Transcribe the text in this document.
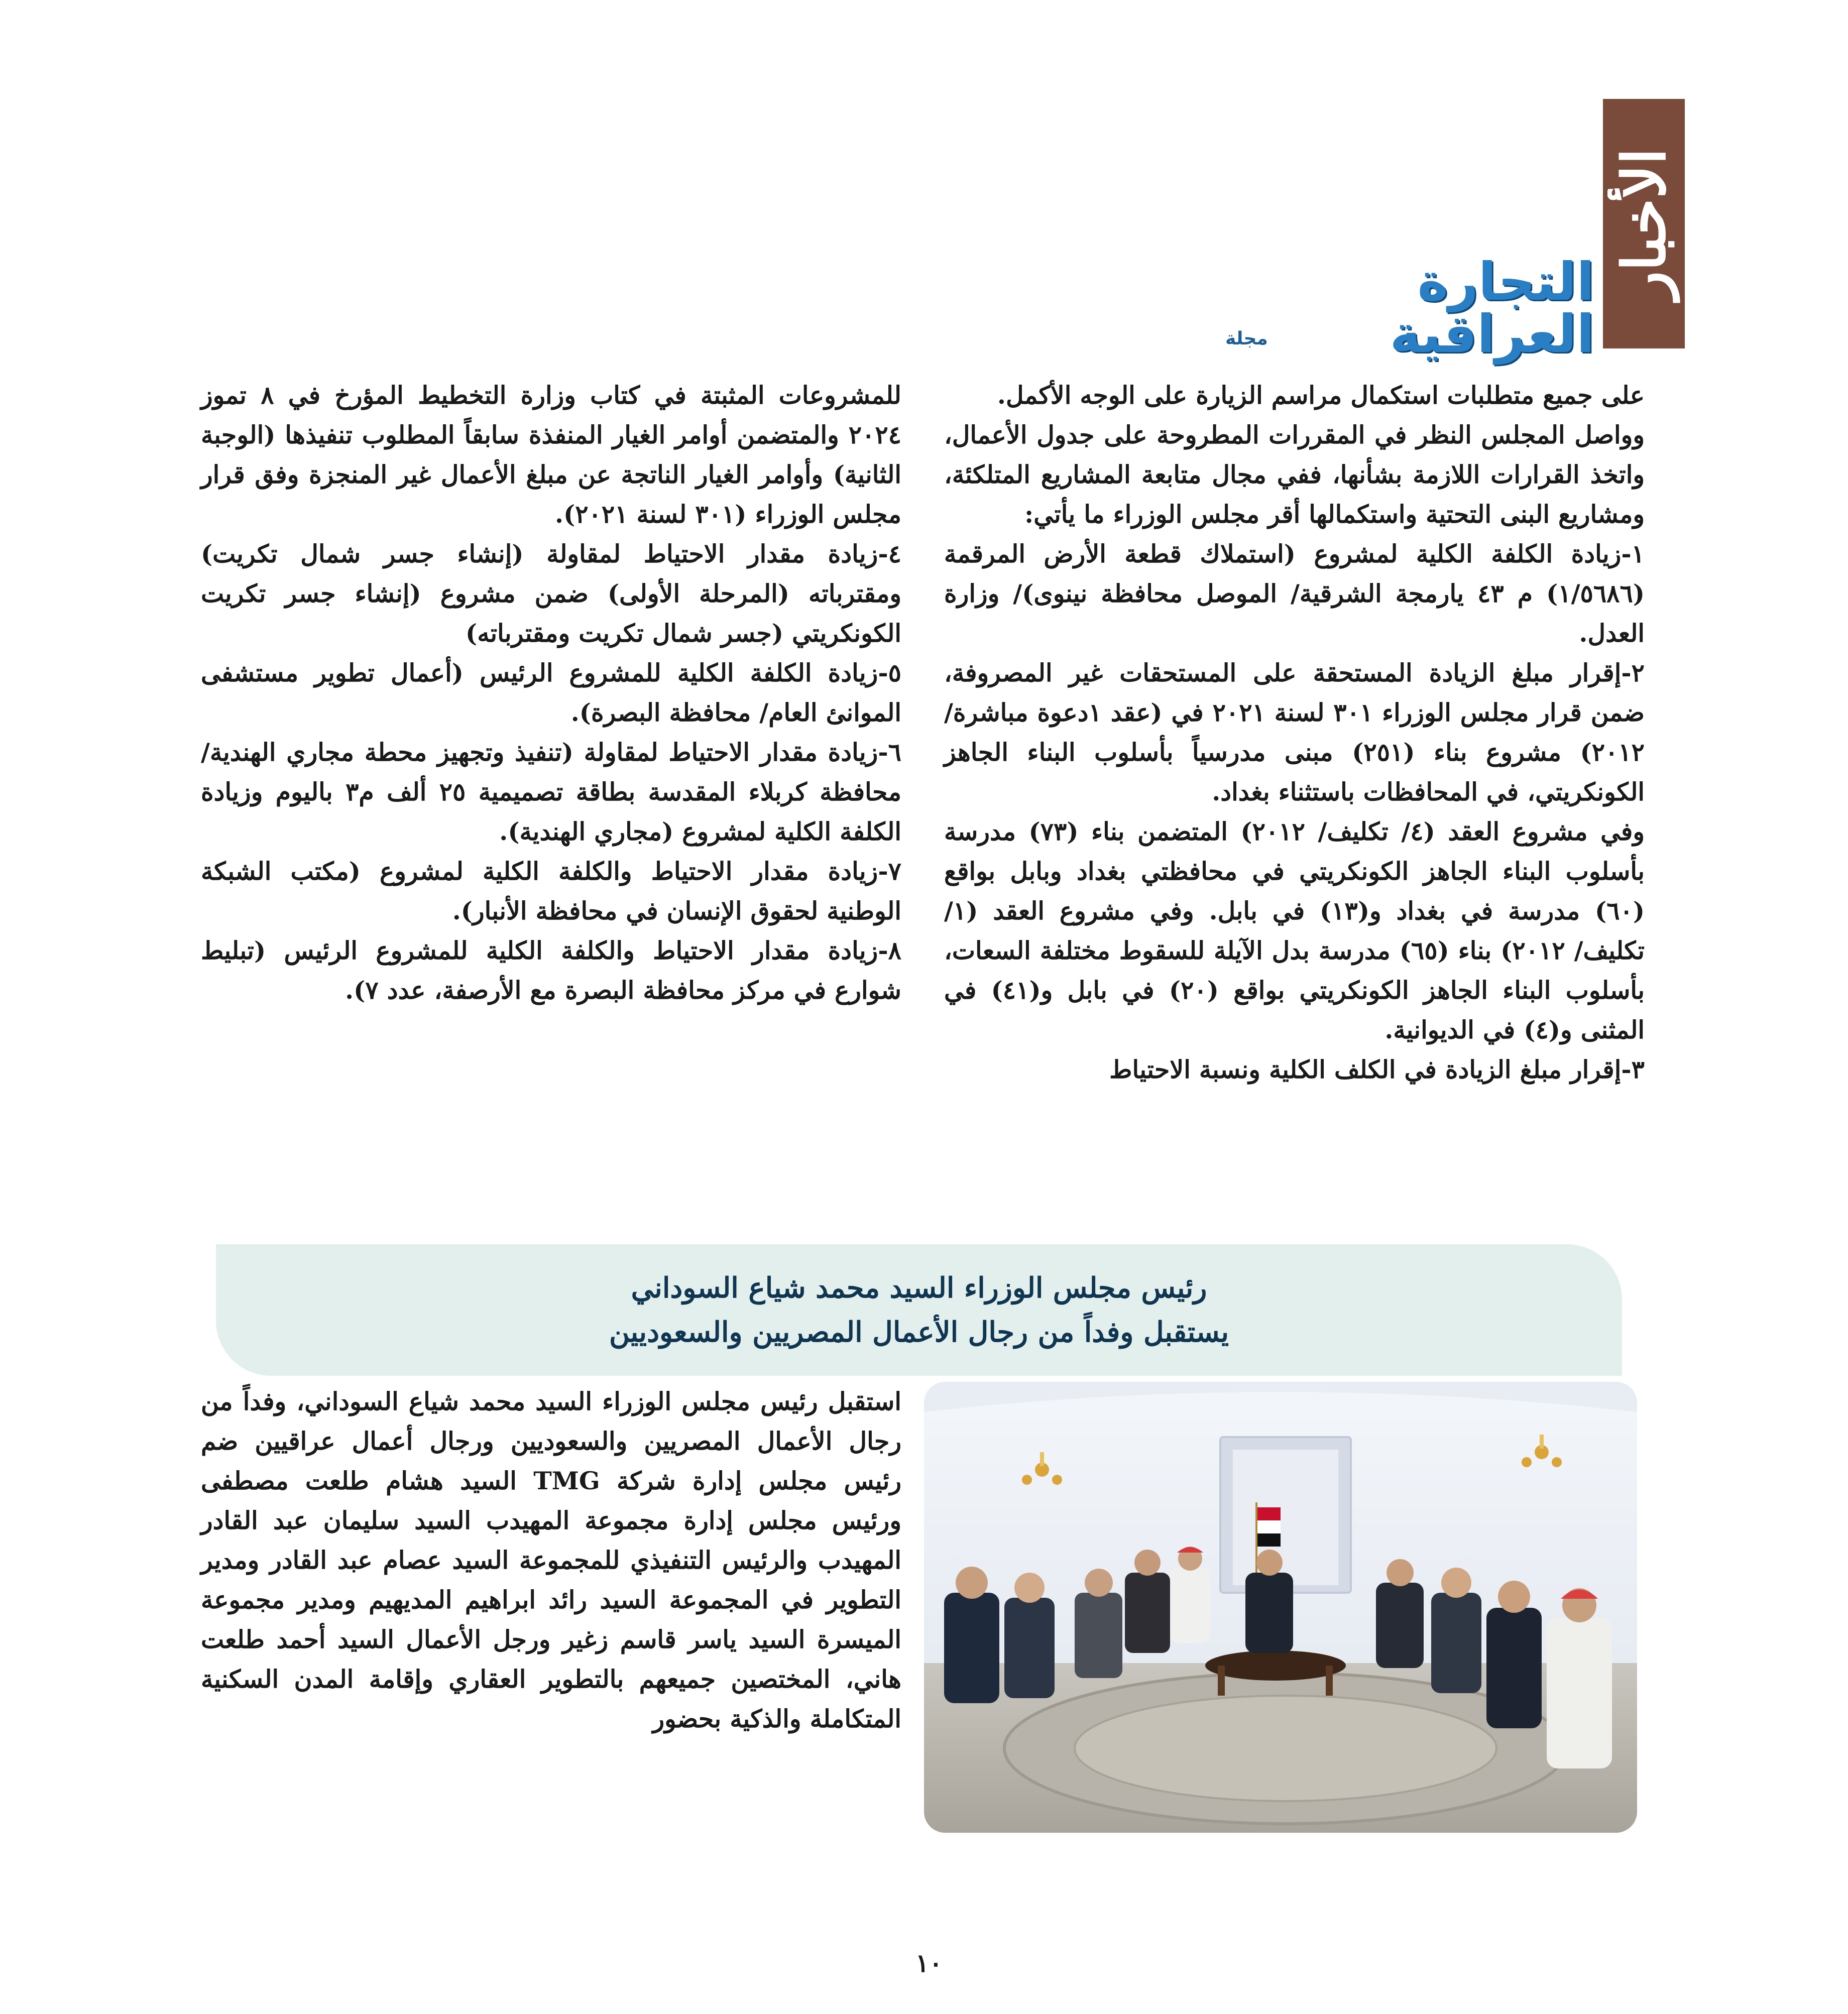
الأخبار
التجارة العراقية
مجلة

على جميع متطلبات استكمال مراسم الزيارة على الوجه الأكمل.

وواصل المجلس النظر في المقررات المطروحة على جدول الأعمال، واتخذ القرارات اللازمة بشأنها، ففي مجال متابعة المشاريع المتلكئة، ومشاريع البنى التحتية واستكمالها أقر مجلس الوزراء ما يأتي:

١-زيادة الكلفة الكلية لمشروع (استملاك قطعة الأرض المرقمة (١/٥٦٨٦) م ٤٣ يارمجة الشرقية/ الموصل محافظة نينوى)/ وزارة العدل.

٢-إقرار مبلغ الزيادة المستحقة على المستحقات غير المصروفة، ضمن قرار مجلس الوزراء ٣٠١ لسنة ٢٠٢١ في (عقد ١دعوة مباشرة/ ٢٠١٢) مشروع بناء (٢٥١) مبنى مدرسياً بأسلوب البناء الجاهز الكونكريتي، في المحافظات باستثناء بغداد.

وفي مشروع العقد (٤/ تكليف/ ٢٠١٢) المتضمن بناء (٧٣) مدرسة بأسلوب البناء الجاهز الكونكريتي في محافظتي بغداد وبابل بواقع (٦٠) مدرسة في بغداد و(١٣) في بابل. وفي مشروع العقد (١/ تكليف/ ٢٠١٢) بناء (٦٥) مدرسة بدل الآيلة للسقوط مختلفة السعات، بأسلوب البناء الجاهز الكونكريتي بواقع (٢٠) في بابل و(٤١) في المثنى و(٤) في الديوانية.

٣-إقرار مبلغ الزيادة في الكلف الكلية ونسبة الاحتياط

للمشروعات المثبتة في كتاب وزارة التخطيط المؤرخ في ٨ تموز ٢٠٢٤ والمتضمن أوامر الغيار المنفذة سابقاً المطلوب تنفيذها (الوجبة الثانية) وأوامر الغيار الناتجة عن مبلغ الأعمال غير المنجزة وفق قرار مجلس الوزراء (٣٠١ لسنة ٢٠٢١).

٤-زيادة مقدار الاحتياط لمقاولة (إنشاء جسر شمال تكريت) ومقترباته (المرحلة الأولى) ضمن مشروع (إنشاء جسر تكريت الكونكريتي (جسر شمال تكريت ومقترباته)

٥-زيادة الكلفة الكلية للمشروع الرئيس (أعمال تطوير مستشفى الموانئ العام/ محافظة البصرة).

٦-زيادة مقدار الاحتياط لمقاولة (تنفيذ وتجهيز محطة مجاري الهندية/ محافظة كربلاء المقدسة بطاقة تصميمية ٢٥ ألف م٣ باليوم وزيادة الكلفة الكلية لمشروع (مجاري الهندية).

٧-زيادة مقدار الاحتياط والكلفة الكلية لمشروع (مكتب الشبكة الوطنية لحقوق الإنسان في محافظة الأنبار).

٨-زيادة مقدار الاحتياط والكلفة الكلية للمشروع الرئيس (تبليط شوارع في مركز محافظة البصرة مع الأرصفة، عدد ٧).

رئيس مجلس الوزراء السيد محمد شياع السوداني
يستقبل وفداً من رجال الأعمال المصريين والسعوديين

استقبل رئيس مجلس الوزراء السيد محمد شياع السوداني، وفداً من رجال الأعمال المصريين والسعوديين ورجال أعمال عراقيين ضم رئيس مجلس إدارة شركة TMG السيد هشام طلعت مصطفى ورئيس مجلس إدارة مجموعة المهيدب السيد سليمان عبد القادر المهيدب والرئيس التنفيذي للمجموعة السيد عصام عبد القادر ومدير التطوير في المجموعة السيد رائد ابراهيم المديهيم ومدير مجموعة الميسرة السيد ياسر قاسم زغير ورجل الأعمال السيد أحمد طلعت هاني، المختصين جميعهم بالتطوير العقاري وإقامة المدن السكنية المتكاملة والذكية بحضور

١٠
